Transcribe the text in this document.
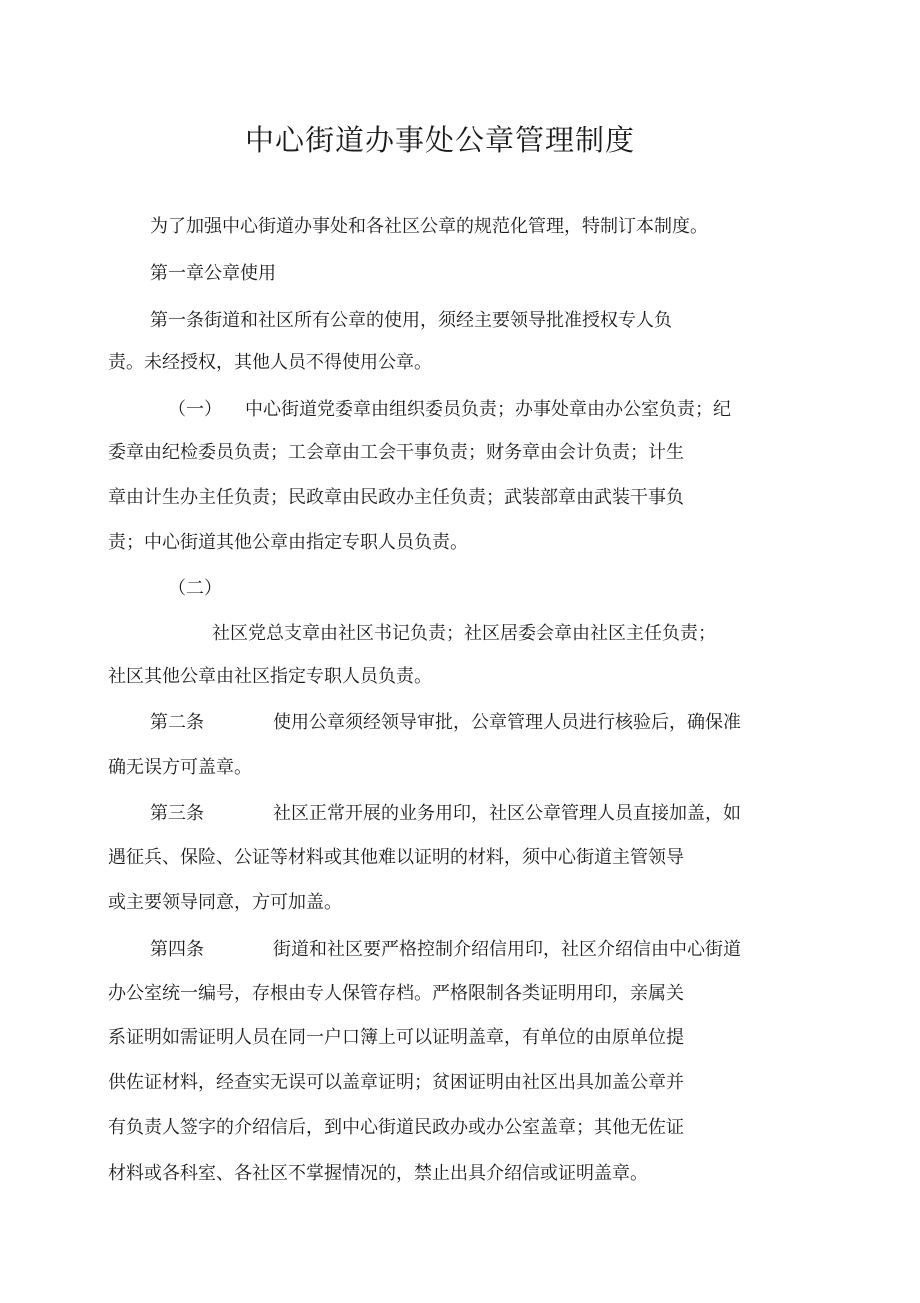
中心街道办事处公章管理制度
为了加强中心街道办事处和各社区公章的规范化管理，特制订本制度。
第一章公章使用
第一条街道和社区所有公章的使用，须经主要领导批准授权专人负
责。未经授权，其他人员不得使用公章。
（一） 中心街道党委章由组织委员负责；办事处章由办公室负责；纪
委章由纪检委员负责；工会章由工会干事负责；财务章由会计负责；计生
章由计生办主任负责；民政章由民政办主任负责；武装部章由武装干事负
责；中心街道其他公章由指定专职人员负责。
（二）
社区党总支章由社区书记负责；社区居委会章由社区主任负责；
社区其他公章由社区指定专职人员负责。
第二条	使用公章须经领导审批，公章管理人员进行核验后，确保准
确无误方可盖章。
第三条	社区正常开展的业务用印，社区公章管理人员直接加盖，如
遇征兵、保险、公证等材料或其他难以证明的材料，须中心街道主管领导
或主要领导同意，方可加盖。
第四条	街道和社区要严格控制介绍信用印，社区介绍信由中心街道
办公室统一编号，存根由专人保管存档。严格限制各类证明用印，亲属关
系证明如需证明人员在同一户口簿上可以证明盖章，有单位的由原单位提
供佐证材料，经查实无误可以盖章证明；贫困证明由社区出具加盖公章并
有负责人签字的介绍信后，到中心街道民政办或办公室盖章；其他无佐证
材料或各科室、各社区不掌握情况的，禁止出具介绍信或证明盖章。
